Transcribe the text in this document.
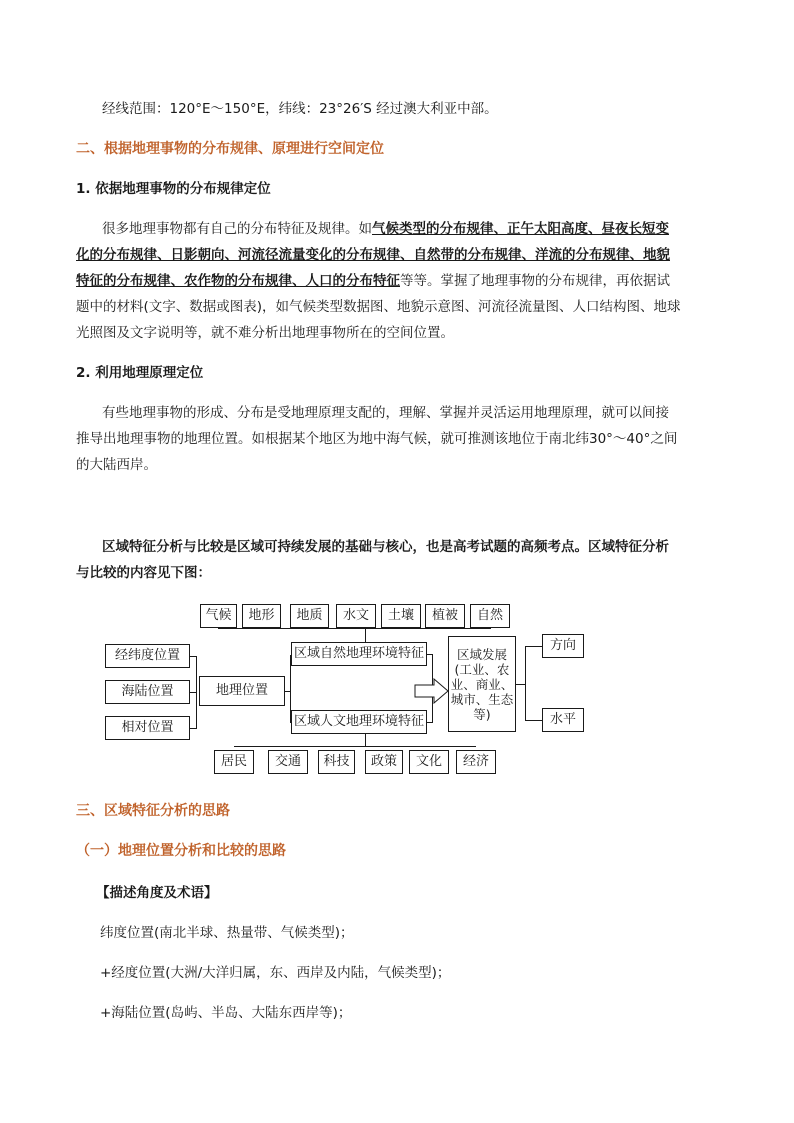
经线范围：120°E～150°E，纬线：23°26′S 经过澳大利亚中部。
二、根据地理事物的分布规律、原理进行空间定位
1. 依据地理事物的分布规律定位
很多地理事物都有自己的分布特征及规律。如气候类型的分布规律、正午太阳高度、昼夜长短变
化的分布规律、日影朝向、河流径流量变化的分布规律、自然带的分布规律、洋流的分布规律、地貌
特征的分布规律、农作物的分布规律、人口的分布特征等等。掌握了地理事物的分布规律，再依据试
题中的材料(文字、数据或图表)，如气候类型数据图、地貌示意图、河流径流量图、人口结构图、地球
光照图及文字说明等，就不难分析出地理事物所在的空间位置。
2. 利用地理原理定位
有些地理事物的形成、分布是受地理原理支配的，理解、掌握并灵活运用地理原理，就可以间接
推导出地理事物的地理位置。如根据某个地区为地中海气候，就可推测该地位于南北纬30°～40°之间
的大陆西岸。
区域特征分析与比较是区域可持续发展的基础与核心，也是高考试题的高频考点。区域特征分析
与比较的内容见下图：
气候	地形	地质	水文	土壤	植被	自然
经纬度位置
海陆位置
相对位置
地理位置
区域自然地理环境特征
区域人文地理环境特征
居民	交通	科技	政策	文化	经济
区域发展
(工业、农
业、商业、
城市、生态
等)
方向
水平
三、区域特征分析的思路
（一）地理位置分析和比较的思路
【描述角度及术语】
纬度位置(南北半球、热量带、气候类型)；
+经度位置(大洲/大洋归属，东、西岸及内陆，气候类型)；
+海陆位置(岛屿、半岛、大陆东西岸等)；
